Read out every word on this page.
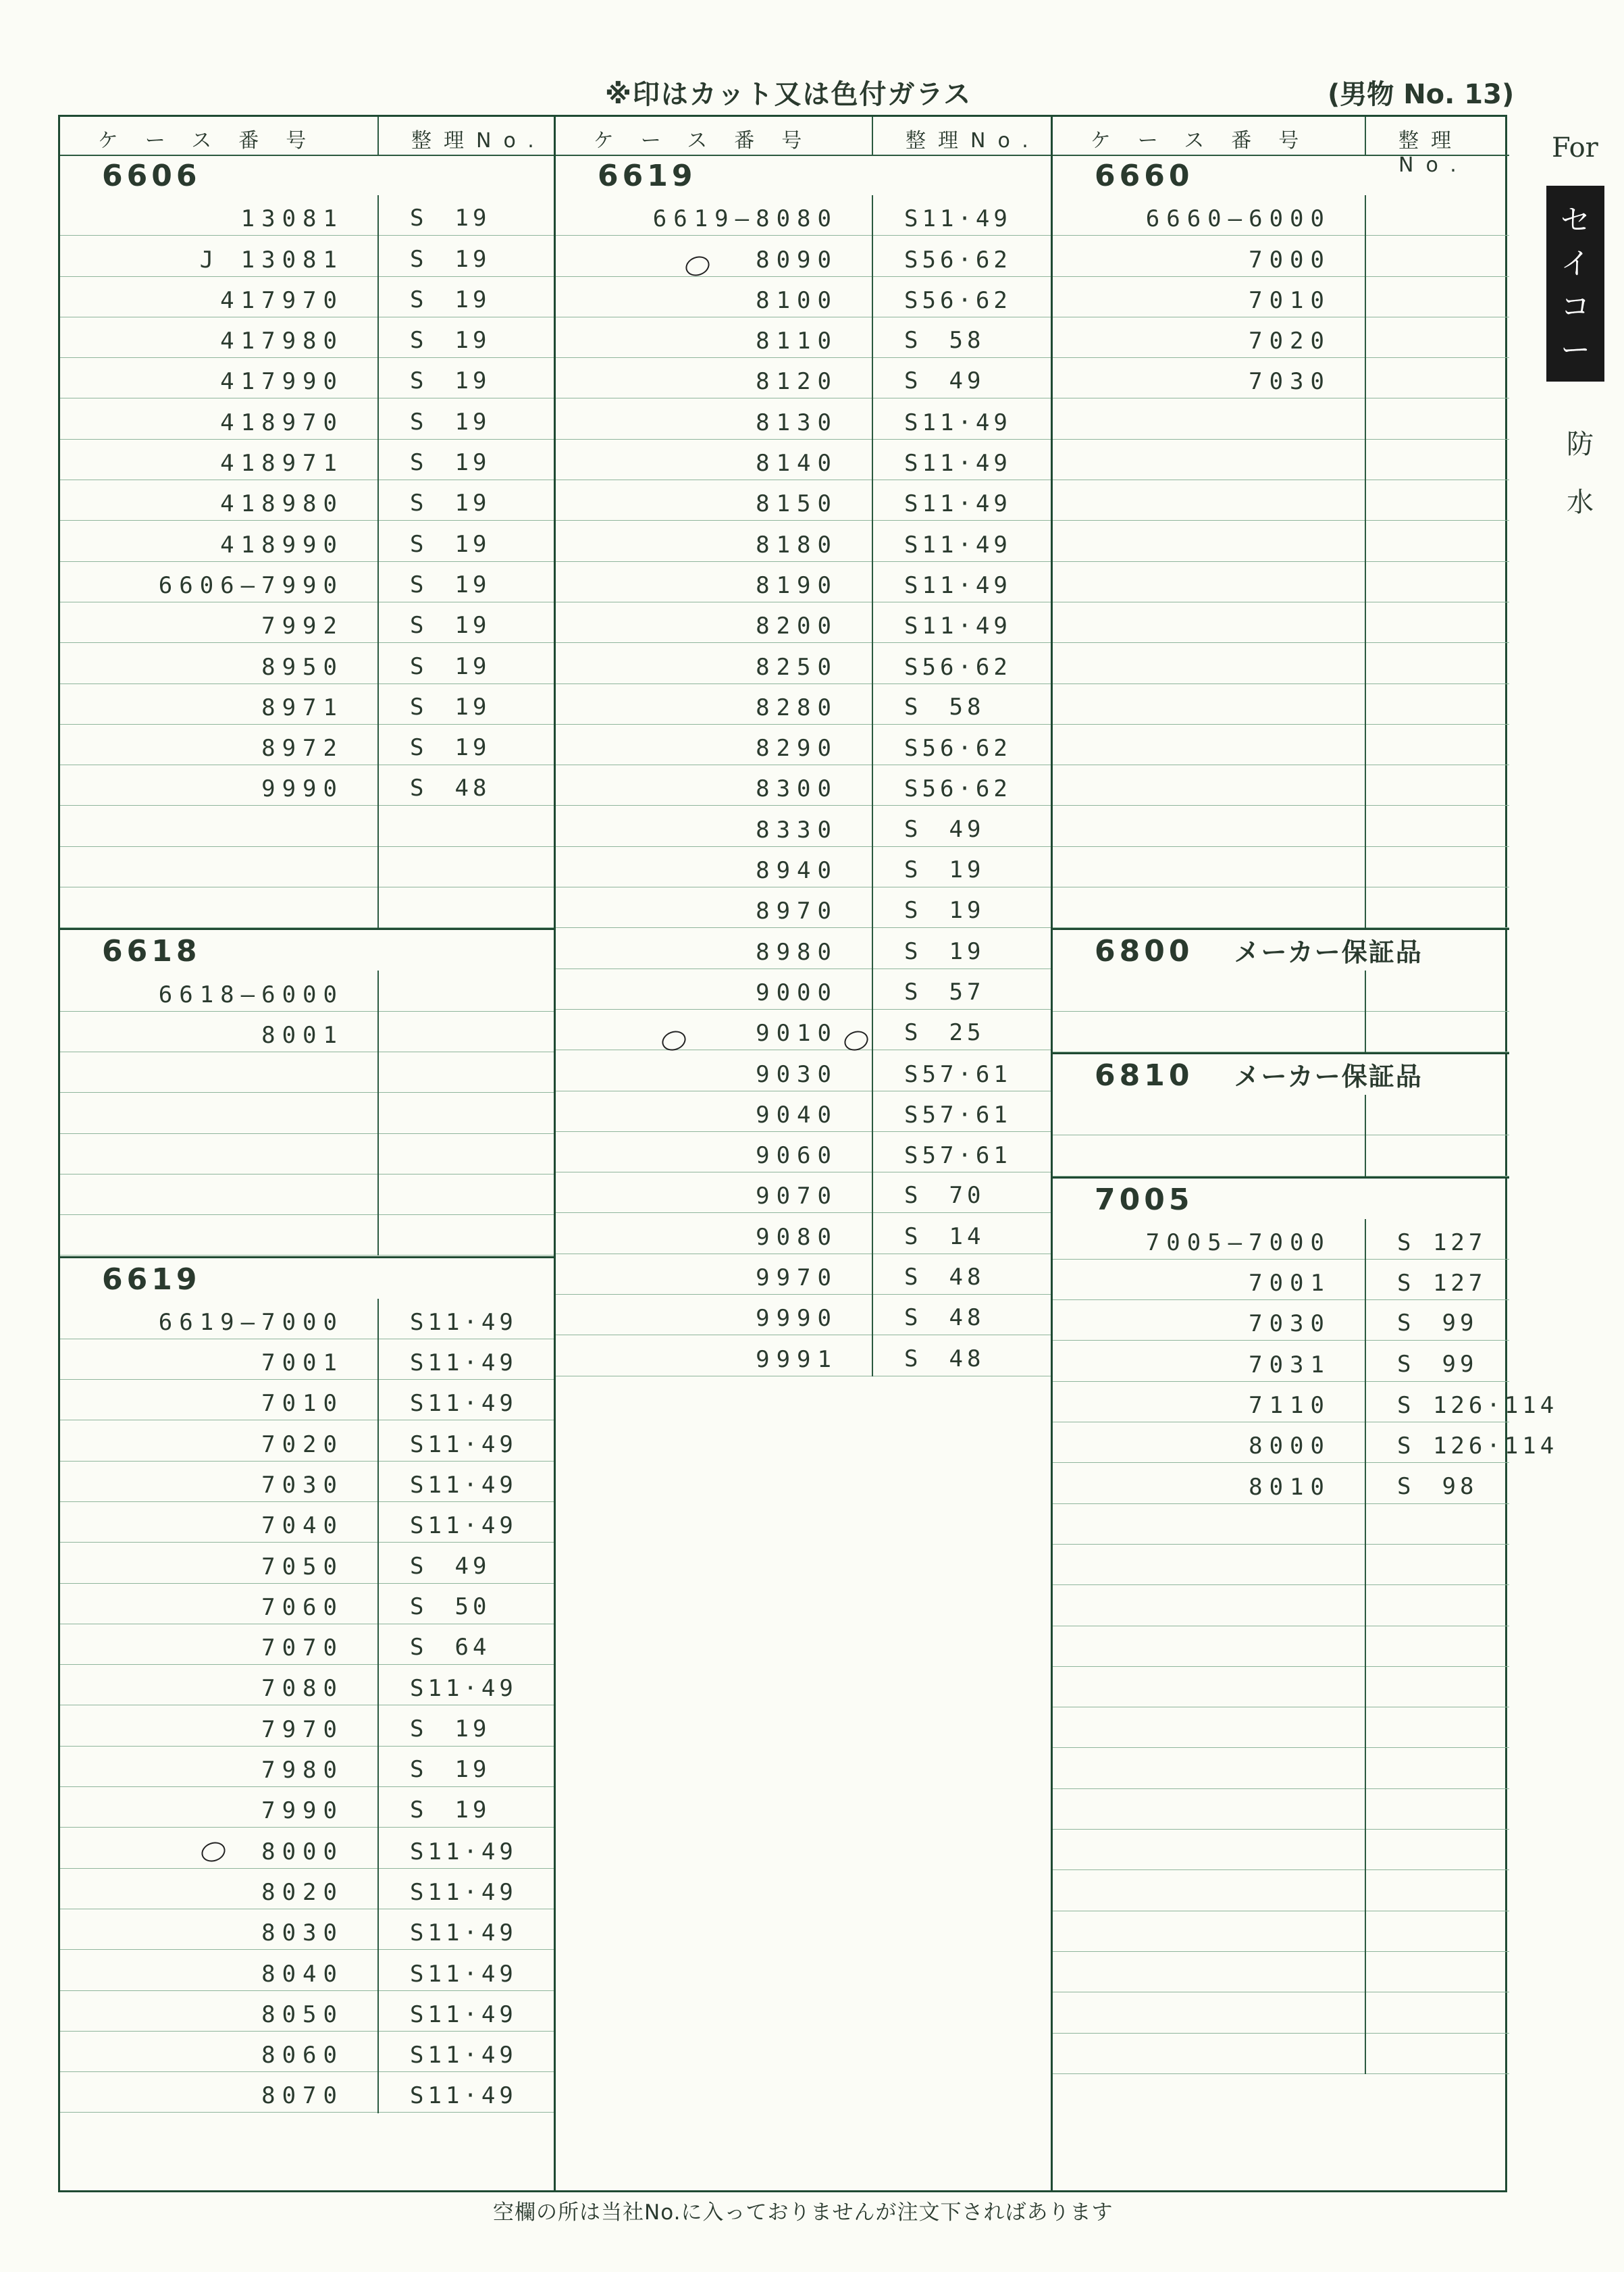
※印はカット又は色付ガラス	(男物 No. 13)
ケース番号	整理No.
6606
13081	S　19
J 13081	S　19
417970	S　19
417980	S　19
417990	S　19
418970	S　19
418971	S　19
418980	S　19
418990	S　19
6606—7990	S　19
7992	S　19
8950	S　19
8971	S　19
8972	S　19
9990	S　48
6618
6618—6000
8001
6619
6619—7000	S11·49
7001	S11·49
7010	S11·49
7020	S11·49
7030	S11·49
7040	S11·49
7050	S　49
7060	S　50
7070	S　64
7080	S11·49
7970	S　19
7980	S　19
7990	S　19
8000	S11·49
8020	S11·49
8030	S11·49
8040	S11·49
8050	S11·49
8060	S11·49
8070	S11·49
ケース番号	整理No.
6619
6619—8080	S11·49
8090	S56·62
8100	S56·62
8110	S　58
8120	S　49
8130	S11·49
8140	S11·49
8150	S11·49
8180	S11·49
8190	S11·49
8200	S11·49
8250	S56·62
8280	S　58
8290	S56·62
8300	S56·62
8330	S　49
8940	S　19
8970	S　19
8980	S　19
9000	S　57
9010	S　25
9030	S57·61
9040	S57·61
9060	S57·61
9070	S　70
9080	S　14
9970	S　48
9990	S　48
9991	S　48
ケース番号	整理No.
6660
6660—6000
7000
7010
7020
7030
6800 メーカー保証品
6810 メーカー保証品
7005
7005—7000	S 127
7001	S 127
7030	S　99
7031	S　99
7110	S 126·114
8000	S 126·114
8010	S　98
For
セ
イ
コ
ー
防
水
空欄の所は当社No.に入っておりませんが注文下さればあります
